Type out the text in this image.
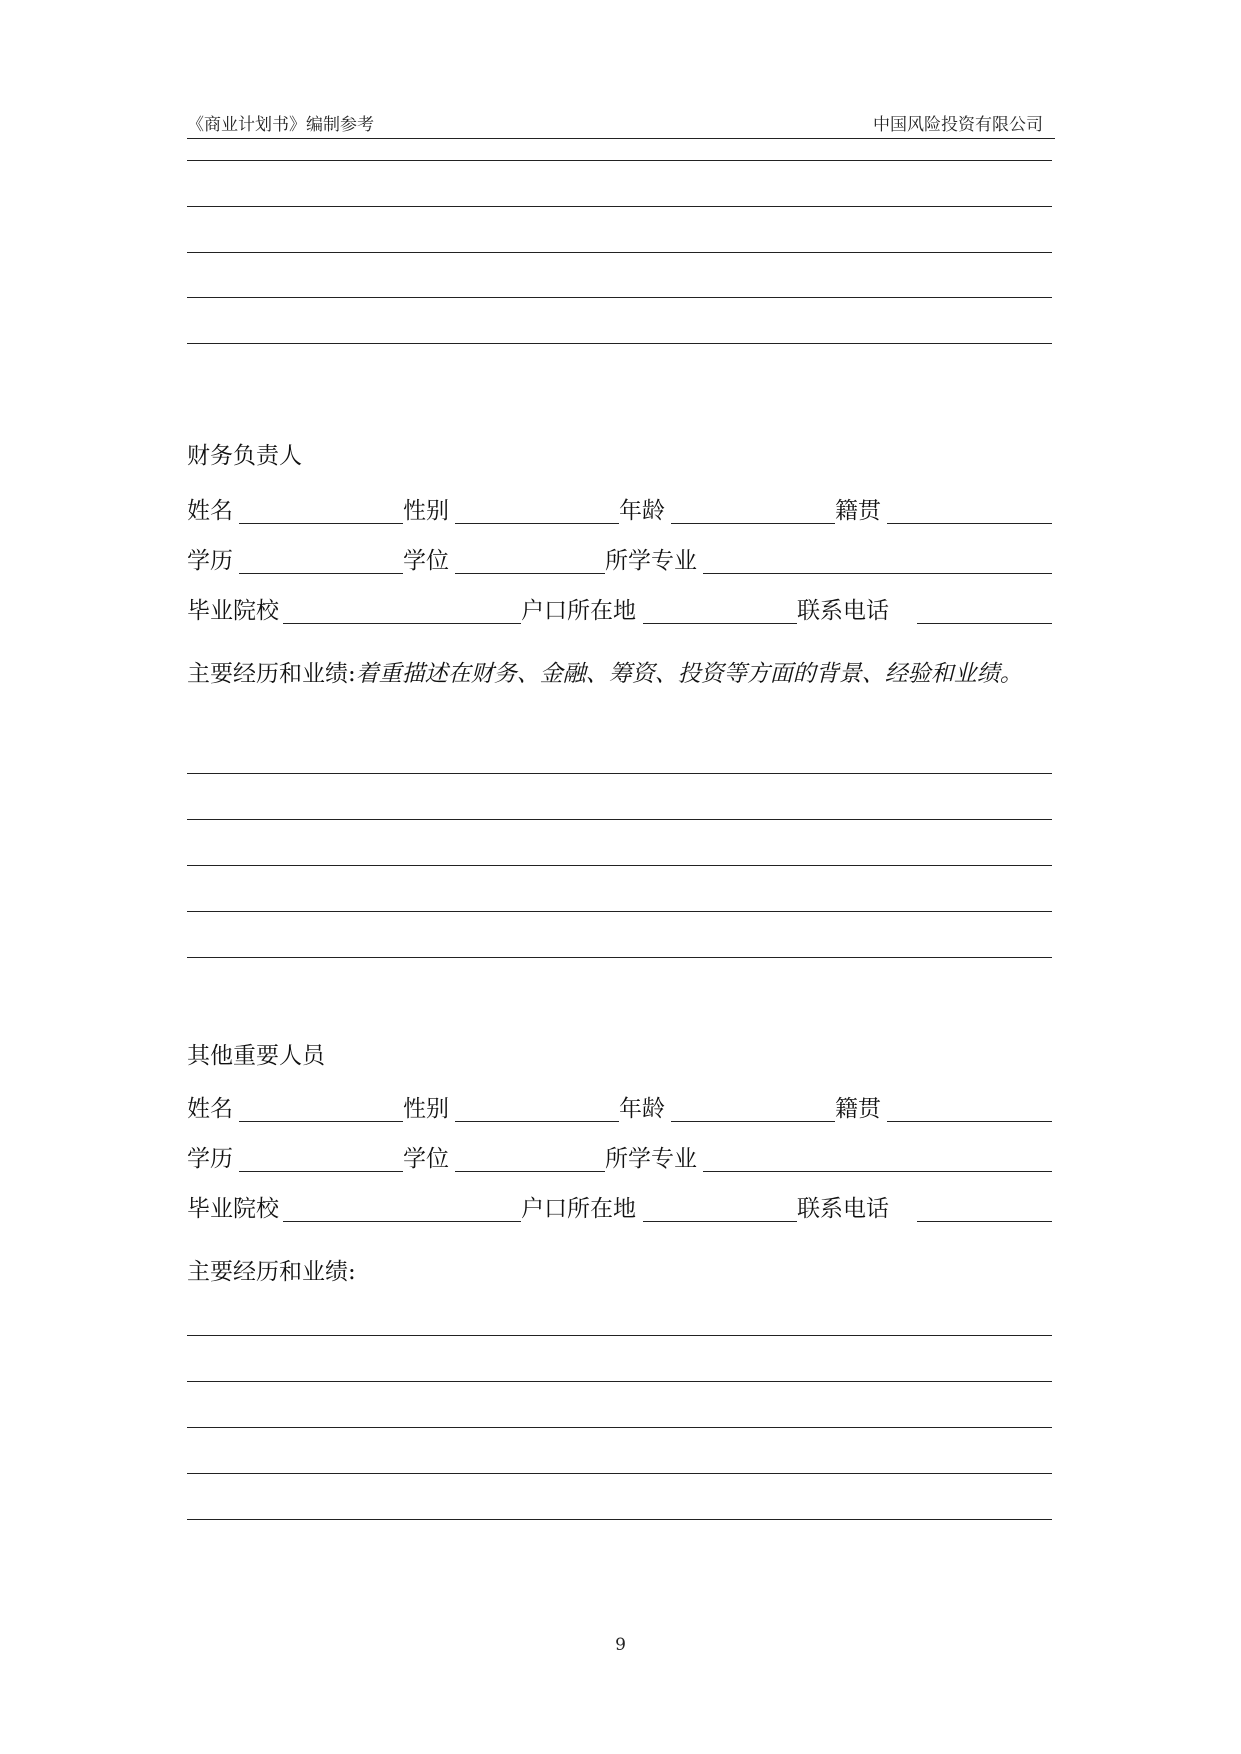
《商业计划书》编制参考	中国风险投资有限公司
财务负责人
姓名	性别	年龄	籍贯
学历	学位	所学专业
毕业院校	户口所在地	联系电话
主要经历和业绩:着重描述在财务、金融、筹资、投资等方面的背景、经验和业绩。
其他重要人员
姓名	性别	年龄	籍贯
学历	学位	所学专业
毕业院校	户口所在地	联系电话
主要经历和业绩:
9
